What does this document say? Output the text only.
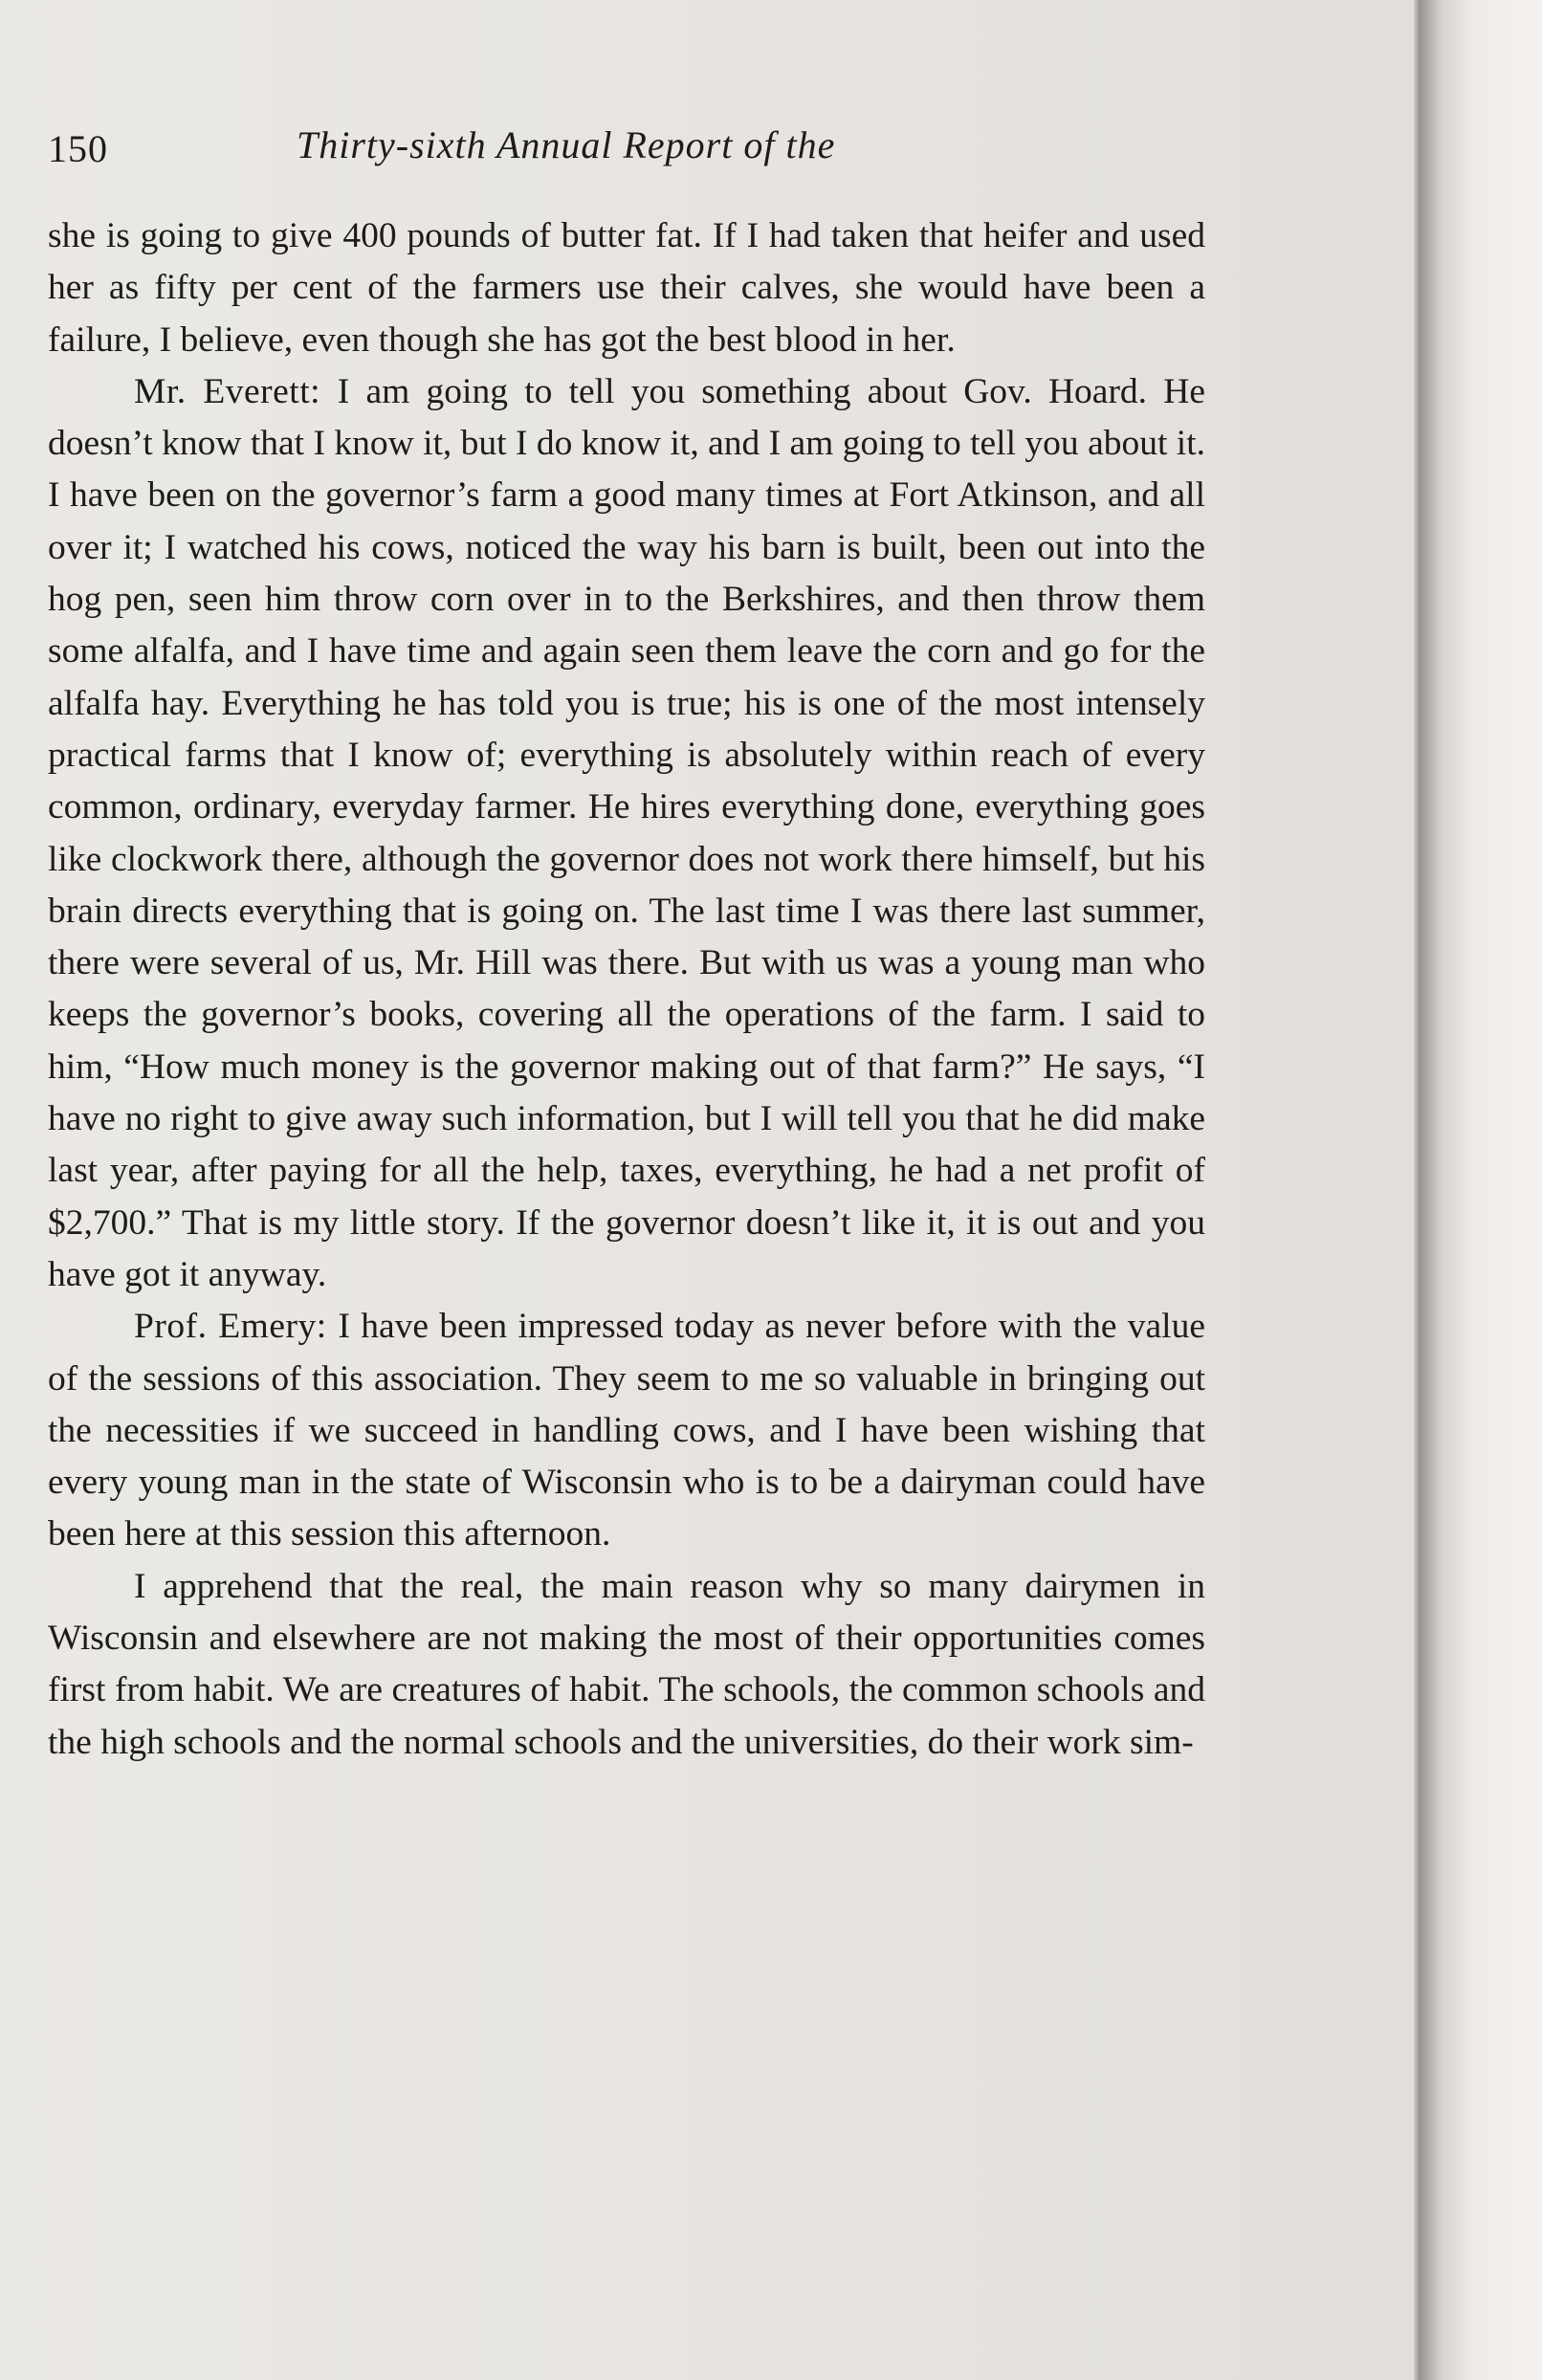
150	Thirty-sixth Annual Report of the

she is going to give 400 pounds of butter fat. If I had taken that heifer and used her as fifty per cent of the farmers use their calves, she would have been a failure, I believe, even though she has got the best blood in her.

Mr. Everett: I am going to tell you something about Gov. Hoard. He doesn’t know that I know it, but I do know it, and I am going to tell you about it. I have been on the governor’s farm a good many times at Fort Atkinson, and all over it; I watched his cows, noticed the way his barn is built, been out into the hog pen, seen him throw corn over in to the Berkshires, and then throw them some alfalfa, and I have time and again seen them leave the corn and go for the alfalfa hay. Everything he has told you is true; his is one of the most intensely practical farms that I know of; everything is absolutely within reach of every common, ordinary, everyday farmer. He hires everything done, everything goes like clockwork there, although the governor does not work there himself, but his brain directs everything that is going on. The last time I was there last summer, there were several of us, Mr. Hill was there. But with us was a young man who keeps the governor’s books, covering all the operations of the farm. I said to him, “How much money is the governor making out of that farm?” He says, “I have no right to give away such information, but I will tell you that he did make last year, after paying for all the help, taxes, everything, he had a net profit of $2,700.” That is my little story. If the governor doesn’t like it, it is out and you have got it anyway.

Prof. Emery: I have been impressed today as never before with the value of the sessions of this association. They seem to me so valuable in bringing out the necessities if we succeed in handling cows, and I have been wishing that every young man in the state of Wisconsin who is to be a dairyman could have been here at this session this afternoon.

I apprehend that the real, the main reason why so many dairymen in Wisconsin and elsewhere are not making the most of their opportunities comes first from habit. We are creatures of habit. The schools, the common schools and the high schools and the normal schools and the universities, do their work sim-
